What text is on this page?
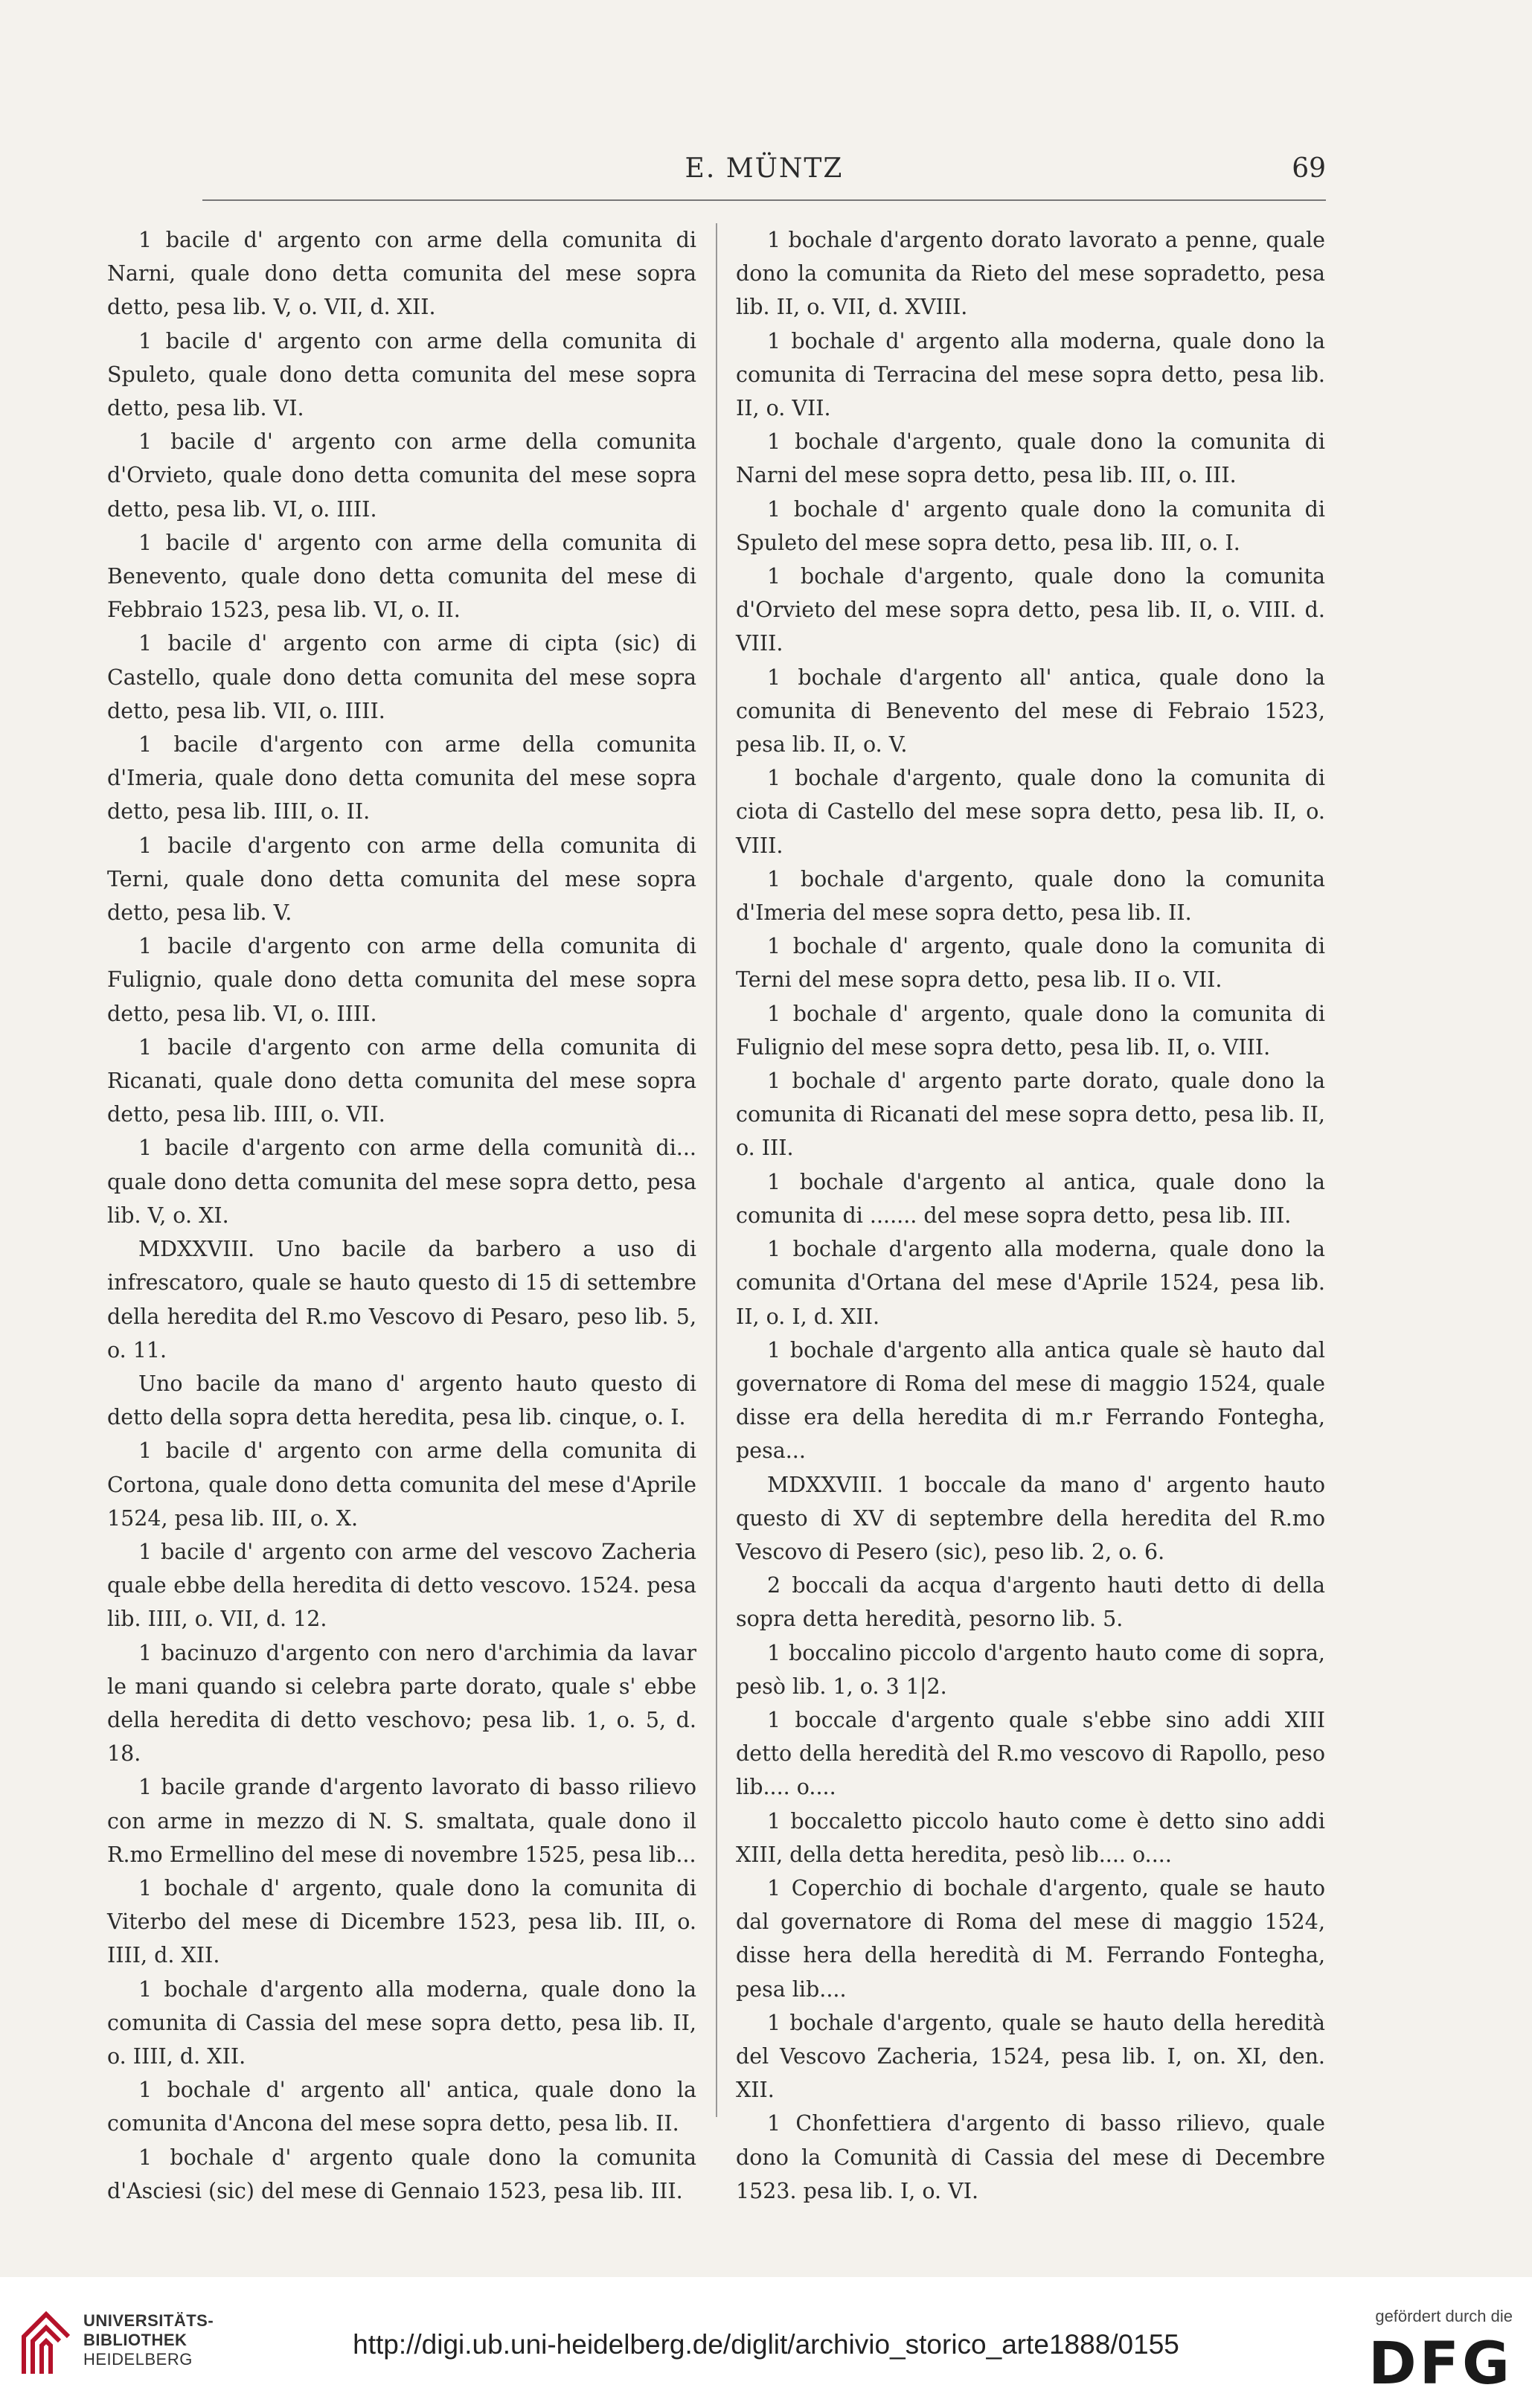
E. MÜNTZ	69

1 bacile d' argento con arme della comunita di Narni, quale dono detta comunita del mese sopra detto, pesa lib. V, o. VII, d. XII.

1 bacile d' argento con arme della comunita di Spuleto, quale dono detta comunita del mese sopra detto, pesa lib. VI.

1 bacile d' argento con arme della comunita d'Orvieto, quale dono detta comunita del mese sopra detto, pesa lib. VI, o. IIII.

1 bacile d' argento con arme della comunita di Benevento, quale dono detta comunita del mese di Febbraio 1523, pesa lib. VI, o. II.

1 bacile d' argento con arme di cipta (sic) di Castello, quale dono detta comunita del mese sopra detto, pesa lib. VII, o. IIII.

1 bacile d'argento con arme della comunita d'Imeria, quale dono detta comunita del mese sopra detto, pesa lib. IIII, o. II.

1 bacile d'argento con arme della comunita di Terni, quale dono detta comunita del mese sopra detto, pesa lib. V.

1 bacile d'argento con arme della comunita di Fulignio, quale dono detta comunita del mese sopra detto, pesa lib. VI, o. IIII.

1 bacile d'argento con arme della comunita di Ricanati, quale dono detta comunita del mese sopra detto, pesa lib. IIII, o. VII.

1 bacile d'argento con arme della comunità di... quale dono detta comunita del mese sopra detto, pesa lib. V, o. XI.

MDXXVIII. Uno bacile da barbero a uso di infrescatoro, quale se hauto questo di 15 di settembre della heredita del R.mo Vescovo di Pesaro, peso lib. 5, o. 11.

Uno bacile da mano d' argento hauto questo di detto della sopra detta heredita, pesa lib. cinque, o. I.

1 bacile d' argento con arme della comunita di Cortona, quale dono detta comunita del mese d'Aprile 1524, pesa lib. III, o. X.

1 bacile d' argento con arme del vescovo Zacheria quale ebbe della heredita di detto vescovo. 1524. pesa lib. IIII, o. VII, d. 12.

1 bacinuzo d'argento con nero d'archimia da lavar le mani quando si celebra parte dorato, quale s' ebbe della heredita di detto veschovo; pesa lib. 1, o. 5, d. 18.

1 bacile grande d'argento lavorato di basso rilievo con arme in mezzo di N. S. smaltata, quale dono il R.mo Ermellino del mese di novembre 1525, pesa lib...

1 bochale d' argento, quale dono la comunita di Viterbo del mese di Dicembre 1523, pesa lib. III, o. IIII, d. XII.

1 bochale d'argento alla moderna, quale dono la comunita di Cassia del mese sopra detto, pesa lib. II, o. IIII, d. XII.

1 bochale d' argento all' antica, quale dono la comunita d'Ancona del mese sopra detto, pesa lib. II.

1 bochale d' argento quale dono la comunita d'Asciesi (sic) del mese di Gennaio 1523, pesa lib. III.

1 bochale d'argento dorato lavorato a penne, quale dono la comunita da Rieto del mese sopradetto, pesa lib. II, o. VII, d. XVIII.

1 bochale d' argento alla moderna, quale dono la comunita di Terracina del mese sopra detto, pesa lib. II, o. VII.

1 bochale d'argento, quale dono la comunita di Narni del mese sopra detto, pesa lib. III, o. III.

1 bochale d' argento quale dono la comunita di Spuleto del mese sopra detto, pesa lib. III, o. I.

1 bochale d'argento, quale dono la comunita d'Orvieto del mese sopra detto, pesa lib. II, o. VIII. d. VIII.

1 bochale d'argento all' antica, quale dono la comunita di Benevento del mese di Febraio 1523, pesa lib. II, o. V.

1 bochale d'argento, quale dono la comunita di ciota di Castello del mese sopra detto, pesa lib. II, o. VIII.

1 bochale d'argento, quale dono la comunita d'Imeria del mese sopra detto, pesa lib. II.

1 bochale d' argento, quale dono la comunita di Terni del mese sopra detto, pesa lib. II o. VII.

1 bochale d' argento, quale dono la comunita di Fulignio del mese sopra detto, pesa lib. II, o. VIII.

1 bochale d' argento parte dorato, quale dono la comunita di Ricanati del mese sopra detto, pesa lib. II, o. III.

1 bochale d'argento al antica, quale dono la comunita di ....... del mese sopra detto, pesa lib. III.

1 bochale d'argento alla moderna, quale dono la comunita d'Ortana del mese d'Aprile 1524, pesa lib. II, o. I, d. XII.

1 bochale d'argento alla antica quale sè hauto dal governatore di Roma del mese di maggio 1524, quale disse era della heredita di m.r Ferrando Fontegha, pesa...

MDXXVIII. 1 boccale da mano d' argento hauto questo di XV di septembre della heredita del R.mo Vescovo di Pesero (sic), peso lib. 2, o. 6.

2 boccali da acqua d'argento hauti detto di della sopra detta heredità, pesorno lib. 5.

1 boccalino piccolo d'argento hauto come di sopra, pesò lib. 1, o. 3 1|2.

1 boccale d'argento quale s'ebbe sino addi XIII detto della heredità del R.mo vescovo di Rapollo, peso lib.... o....

1 boccaletto piccolo hauto come è detto sino addi XIII, della detta heredita, pesò lib.... o....

1 Coperchio di bochale d'argento, quale se hauto dal governatore di Roma del mese di maggio 1524, disse hera della heredità di M. Ferrando Fontegha, pesa lib....

1 bochale d'argento, quale se hauto della heredità del Vescovo Zacheria, 1524, pesa lib. I, on. XI, den. XII.

1 Chonfettiera d'argento di basso rilievo, quale dono la Comunità di Cassia del mese di Decembre 1523. pesa lib. I, o. VI.

UNIVERSITÄTS-
BIBLIOTHEK
HEIDELBERG	http://digi.ub.uni-heidelberg.de/diglit/archivio_storico_arte1888/0155
gefördert durch die
DFG
